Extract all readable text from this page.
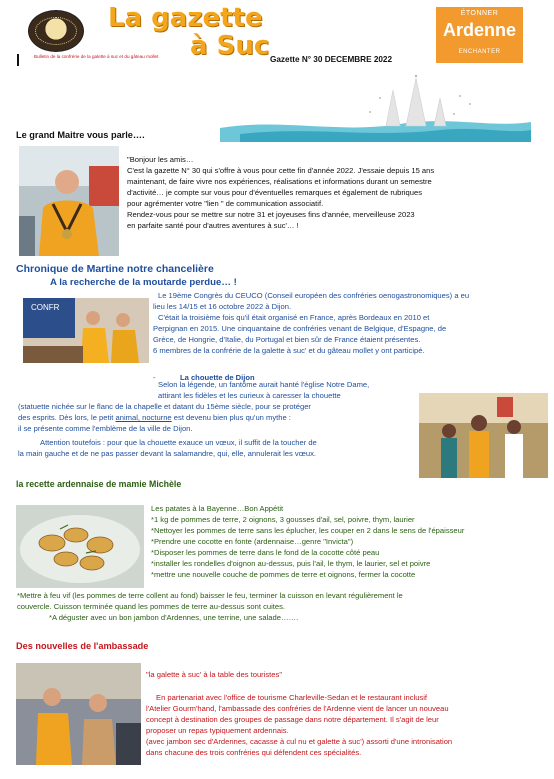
La gazette
à Suc
Bulletin de la confrérie de la galette à suc et du gâteau mollet	Gazette N° 30 DECEMBRE 2022
ÉTONNER
Ardenne
ENCHANTER
Le grand Maitre vous parle….
"Bonjour les amis…
C'est la gazette N° 30 qui s'offre à vous pour cette fin d'année 2022. J'essaie depuis 15 ans
maintenant, de faire vivre nos expériences, réalisations et informations durant un semestre
d'activité… je compte sur vous pour d'éventuelles remarques et également de rubriques
pour agrémenter votre "lien " de communication associatif.
Rendez-vous pour se mettre sur notre 31 et joyeuses fins d'année, merveilleuse 2023
en parfaite santé pour d'autres aventures à suc'… !
Chronique de Martine notre chancelière
A la recherche de la moutarde perdue… !
CONFR
Le 19ème Congrès du CEUCO (Conseil européen des confréries oenogastronomiques) a eu
lieu les 14/15 et 16 octobre 2022 à Dijon.
C'était la troisième fois qu'il était organisé en France, après Bordeaux en 2010 et
Perpignan en 2015. Une cinquantaine de confréries venant de Belgique, d'Espagne, de
Grèce, de Hongrie, d'Italie, du Portugal et bien sûr de France étaient présentes.
6 membres de la confrérie de la galette à suc' et du gâteau mollet y ont participé.
-	La chouette de Dijon
Selon la légende, un fantôme aurait hanté l'église Notre Dame,
attirant les fidèles et les curieux à caresser la chouette
(statuette nichée sur le flanc de la chapelle et datant du 15ème siècle, pour se protéger
des esprits. Dès lors, le petit animal, nocturne est devenu bien plus qu'un mythe :
il se présente comme l'emblème de la ville de Dijon.
Attention toutefois : pour que la chouette exauce un vœux, il suffit de la toucher de
la main gauche et de ne pas passer devant la salamandre, qui, elle, annulerait les vœux.
la recette ardennaise de mamie Michèle
Les patates à la Bayenne…Bon Appétit
*1 kg de pommes de terre, 2 oignons, 3 gousses d'ail, sel, poivre, thym, laurier
*Nettoyer les pommes de terre sans les éplucher, les couper en 2 dans le sens de l'épaisseur
*Prendre une cocotte en fonte (ardennaise…genre "Invicta")
*Disposer les pommes de terre dans le fond de la cocotte côté peau
*installer les rondelles d'oignon au-dessus, puis l'ail, le thym, le laurier, sel et poivre
*mettre une nouvelle couche de pommes de terre et oignons, fermer la cocotte
*Mettre à feu vif (les pommes de terre collent au fond) baisser le feu, terminer la cuisson en levant régulièrement le
couvercle. Cuisson terminée quand les pommes de terre au-dessus sont cuites.
*A déguster avec un bon jambon d'Ardennes, une terrine, une salade…….
Des nouvelles de l'ambassade
"la galette à suc' à la table des touristes"
En partenariat avec l'office de tourisme Charleville-Sedan et le restaurant inclusif
l'Atelier Gourm'hand, l'ambassade des confréries de l'Ardenne vient de lancer un nouveau
concept à destination des groupes de passage dans notre département. Il s'agit de leur
proposer un repas typiquement ardennais.
(avec jambon sec d'Ardennes, cacasse à cul nu et galette à suc') assorti d'une intronisation
dans chacune des trois confréries qui défendent ces spécialités.
